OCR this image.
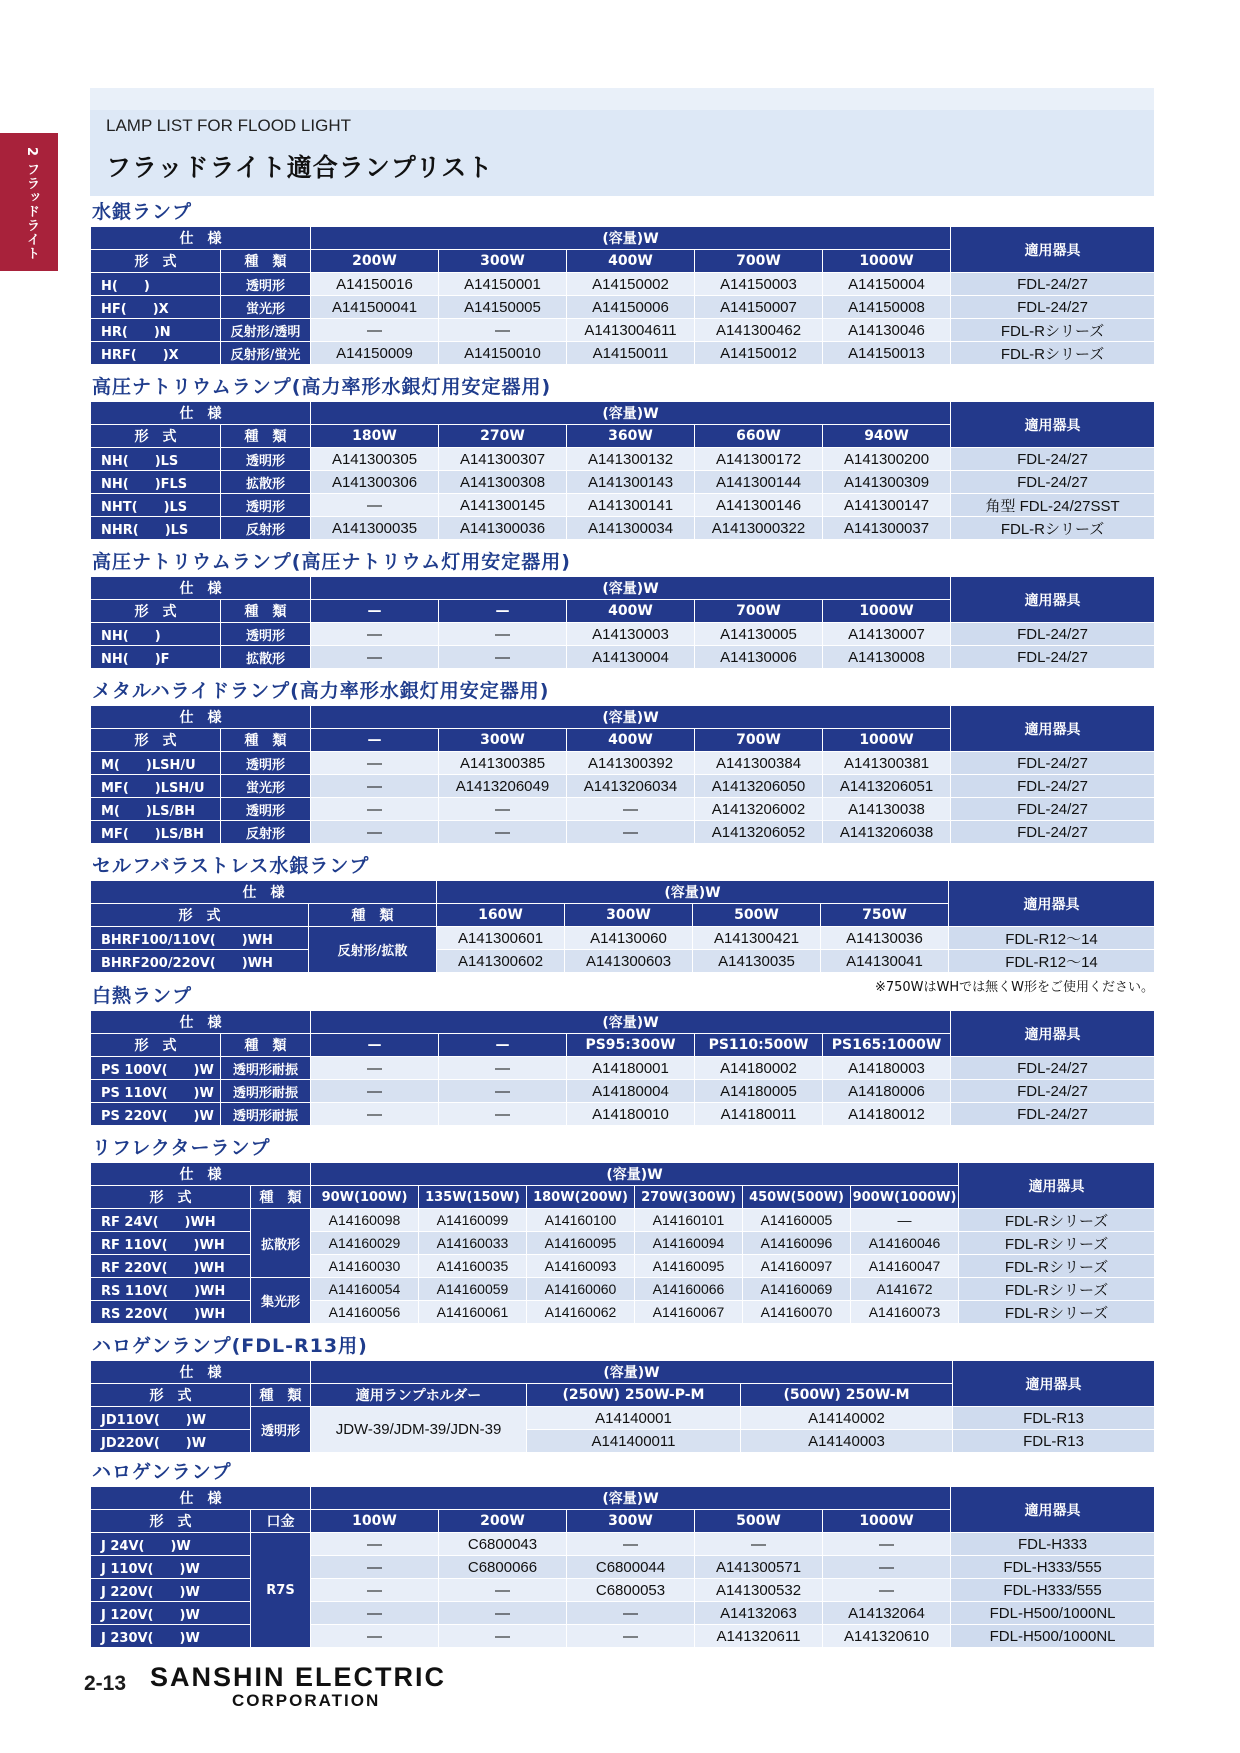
2 フラッドライト
LAMP LIST FOR FLOOD LIGHT
フラッドライト適合ランプリスト
水銀ランプ
仕　様		(容量)W					適用器具
形　式	種　類	200W	300W	400W	700W	1000W	
H(　　)	透明形	A14150016	A14150001	A14150002	A14150003	A14150004	FDL-24/27
HF(　　)X	蛍光形	A141500041	A14150005	A14150006	A14150007	A14150008	FDL-24/27
HR(　　)N	反射形/透明	—	—	A1413004611	A141300462	A14130046	FDL-Rシリーズ
HRF(　　)X	反射形/蛍光	A14150009	A14150010	A14150011	A14150012	A14150013	FDL-Rシリーズ
高圧ナトリウムランプ(高力率形水銀灯用安定器用)
仕　様		(容量)W					適用器具
形　式	種　類	180W	270W	360W	660W	940W	
NH(　　)LS	透明形	A141300305	A141300307	A141300132	A141300172	A141300200	FDL-24/27
NH(　　)FLS	拡散形	A141300306	A141300308	A141300143	A141300144	A141300309	FDL-24/27
NHT(　　)LS	透明形	—	A141300145	A141300141	A141300146	A141300147	角型 FDL-24/27SST
NHR(　　)LS	反射形	A141300035	A141300036	A141300034	A1413000322	A141300037	FDL-Rシリーズ
高圧ナトリウムランプ(高圧ナトリウム灯用安定器用)
仕　様		(容量)W					適用器具
形　式	種　類	—	—	400W	700W	1000W	
NH(　　)	透明形	—	—	A14130003	A14130005	A14130007	FDL-24/27
NH(　　)F	拡散形	—	—	A14130004	A14130006	A14130008	FDL-24/27
メタルハライドランプ(高力率形水銀灯用安定器用)
仕　様		(容量)W					適用器具
形　式	種　類	—	300W	400W	700W	1000W	
M(　　)LSH/U	透明形	—	A141300385	A141300392	A141300384	A141300381	FDL-24/27
MF(　　)LSH/U	蛍光形	—	A1413206049	A1413206034	A1413206050	A1413206051	FDL-24/27
M(　　)LS/BH	透明形	—	—	—	A1413206002	A14130038	FDL-24/27
MF(　　)LS/BH	反射形	—	—	—	A1413206052	A1413206038	FDL-24/27
セルフバラストレス水銀ランプ
仕　様		(容量)W				適用器具
形　式	種　類	160W	300W	500W	750W	
BHRF100/110V(　　)WH	反射形/拡散	A141300601	A14130060	A141300421	A14130036	FDL-R12～14
BHRF200/220V(　　)WH		A141300602	A141300603	A14130035	A14130041	FDL-R12～14
※750WはWHでは無くW形をご使用ください。
白熱ランプ
仕　様		(容量)W					適用器具
形　式	種　類	—	—	PS95:300W	PS110:500W	PS165:1000W	
PS 100V(　　)W	透明形耐振	—	—	A14180001	A14180002	A14180003	FDL-24/27
PS 110V(　　)W	透明形耐振	—	—	A14180004	A14180005	A14180006	FDL-24/27
PS 220V(　　)W	透明形耐振	—	—	A14180010	A14180011	A14180012	FDL-24/27
リフレクターランプ
仕　様		(容量)W						適用器具
形　式	種　類	90W(100W)	135W(150W)	180W(200W)	270W(300W)	450W(500W)	900W(1000W)	
RF 24V(　　)WH	拡散形	A14160098	A14160099	A14160100	A14160101	A14160005	—	FDL-Rシリーズ
RF 110V(　　)WH		A14160029	A14160033	A14160095	A14160094	A14160096	A14160046	FDL-Rシリーズ
RF 220V(　　)WH		A14160030	A14160035	A14160093	A14160095	A14160097	A14160047	FDL-Rシリーズ
RS 110V(　　)WH	集光形	A14160054	A14160059	A14160060	A14160066	A14160069	A141672	FDL-Rシリーズ
RS 220V(　　)WH		A14160056	A14160061	A14160062	A14160067	A14160070	A14160073	FDL-Rシリーズ
ハロゲンランプ(FDL-R13用)
仕　様		(容量)W			適用器具
形　式	種　類	適用ランプホルダー	(250W) 250W-P-M	(500W) 250W-M	
JD110V(　　)W	透明形	JDW-39/JDM-39/JDN-39	A14140001	A14140002	FDL-R13
JD220V(　　)W			A141400011	A14140003	FDL-R13
ハロゲンランプ
仕　様		(容量)W					適用器具
形　式	口金	100W	200W	300W	500W	1000W	
J 24V(　　)W	R7S	—	C6800043	—	—	—	FDL-H333
J 110V(　　)W		—	C6800066	C6800044	A141300571	—	FDL-H333/555
J 220V(　　)W		—	—	C6800053	A141300532	—	FDL-H333/555
J 120V(　　)W		—	—	—	A14132063	A14132064	FDL-H500/1000NL
J 230V(　　)W		—	—	—	A141320611	A141320610	FDL-H500/1000NL
2-13 SANSHIN ELECTRIC
CORPORATION
